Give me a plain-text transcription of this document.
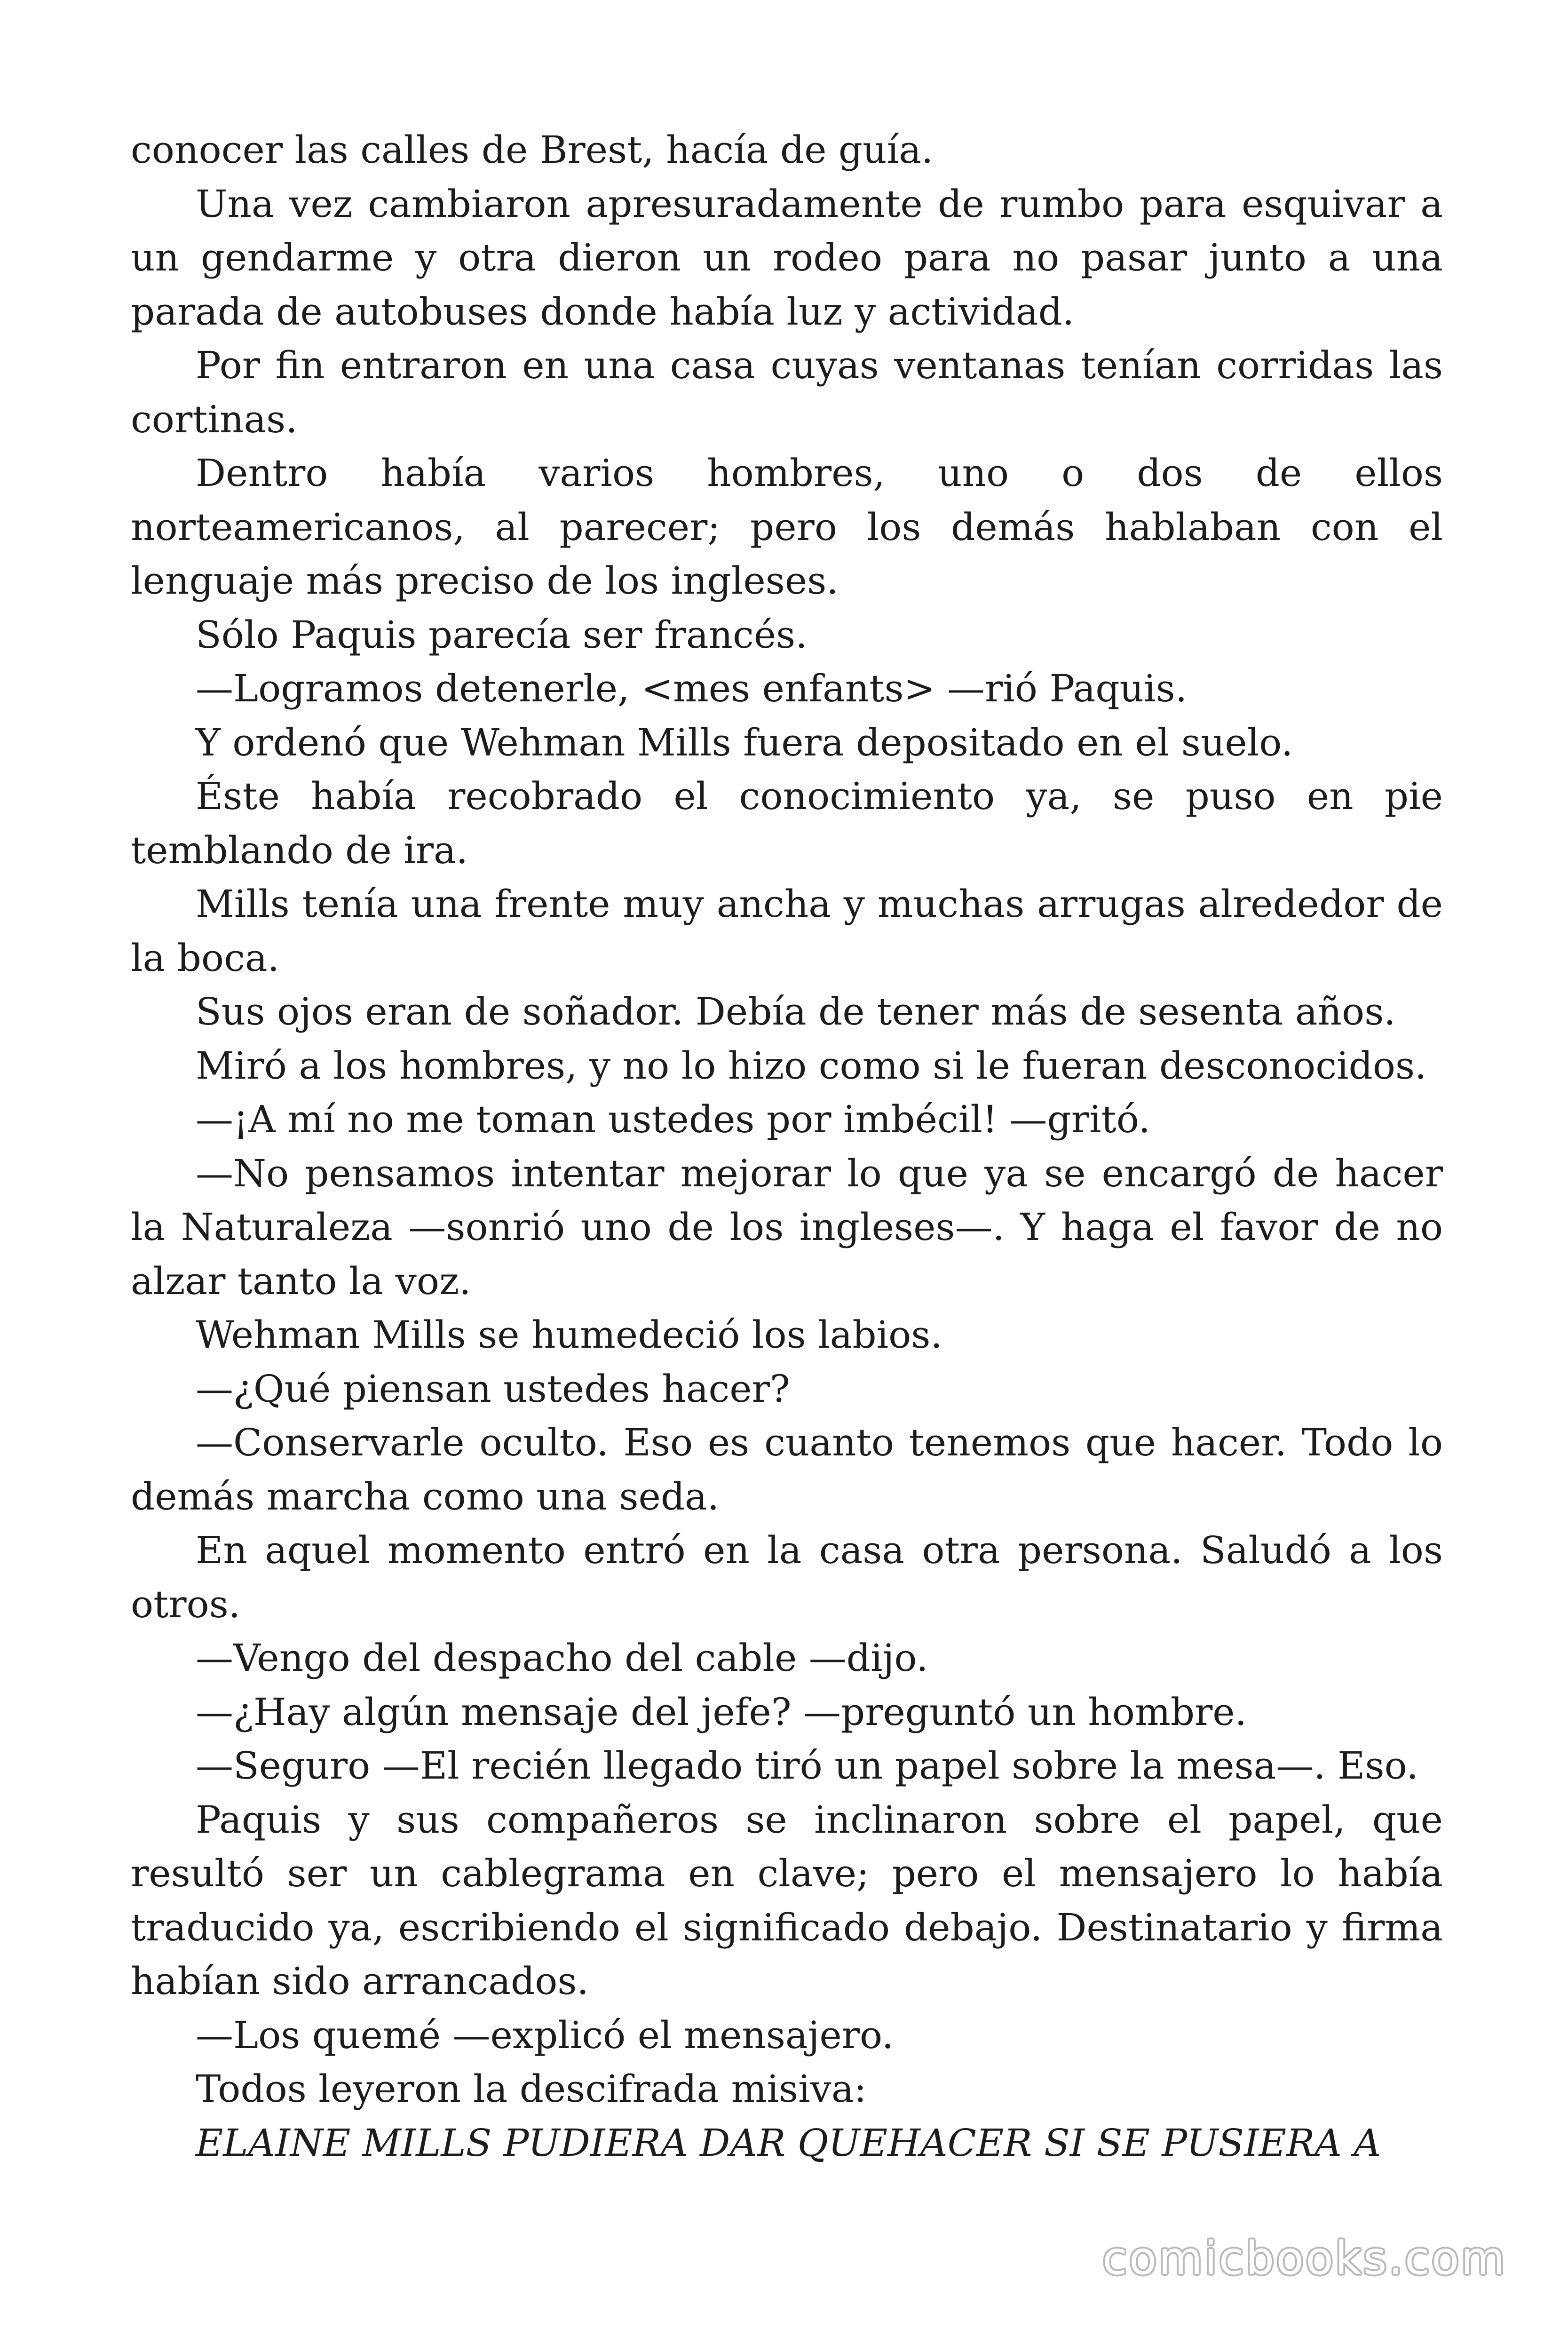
conocer las calles de Brest, hacía de guía.

Una vez cambiaron apresuradamente de rumbo para esquivar a un gendarme y otra dieron un rodeo para no pasar junto a una parada de autobuses donde había luz y actividad.

Por fin entraron en una casa cuyas ventanas tenían corridas las cortinas.

Dentro había varios hombres, uno o dos de ellos norteamericanos, al parecer; pero los demás hablaban con el lenguaje más preciso de los ingleses.

Sólo Paquis parecía ser francés.

—Logramos detenerle, <mes enfants> —rió Paquis.

Y ordenó que Wehman Mills fuera depositado en el suelo.

Éste había recobrado el conocimiento ya, se puso en pie temblando de ira.

Mills tenía una frente muy ancha y muchas arrugas alrededor de la boca.

Sus ojos eran de soñador. Debía de tener más de sesenta años.

Miró a los hombres, y no lo hizo como si le fueran desconocidos.

—¡A mí no me toman ustedes por imbécil! —gritó.

—No pensamos intentar mejorar lo que ya se encargó de hacer la Naturaleza —sonrió uno de los ingleses—. Y haga el favor de no alzar tanto la voz.

Wehman Mills se humedeció los labios.

—¿Qué piensan ustedes hacer?

—Conservarle oculto. Eso es cuanto tenemos que hacer. Todo lo demás marcha como una seda.

En aquel momento entró en la casa otra persona. Saludó a los otros.

—Vengo del despacho del cable —dijo.

—¿Hay algún mensaje del jefe? —preguntó un hombre.

—Seguro —El recién llegado tiró un papel sobre la mesa—. Eso.

Paquis y sus compañeros se inclinaron sobre el papel, que resultó ser un cablegrama en clave; pero el mensajero lo había traducido ya, escribiendo el significado debajo. Destinatario y firma habían sido arrancados.

—Los quemé —explicó el mensajero.

Todos leyeron la descifrada misiva:

ELAINE MILLS PUDIERA DAR QUEHACER SI SE PUSIERA A

comicbooks.com
